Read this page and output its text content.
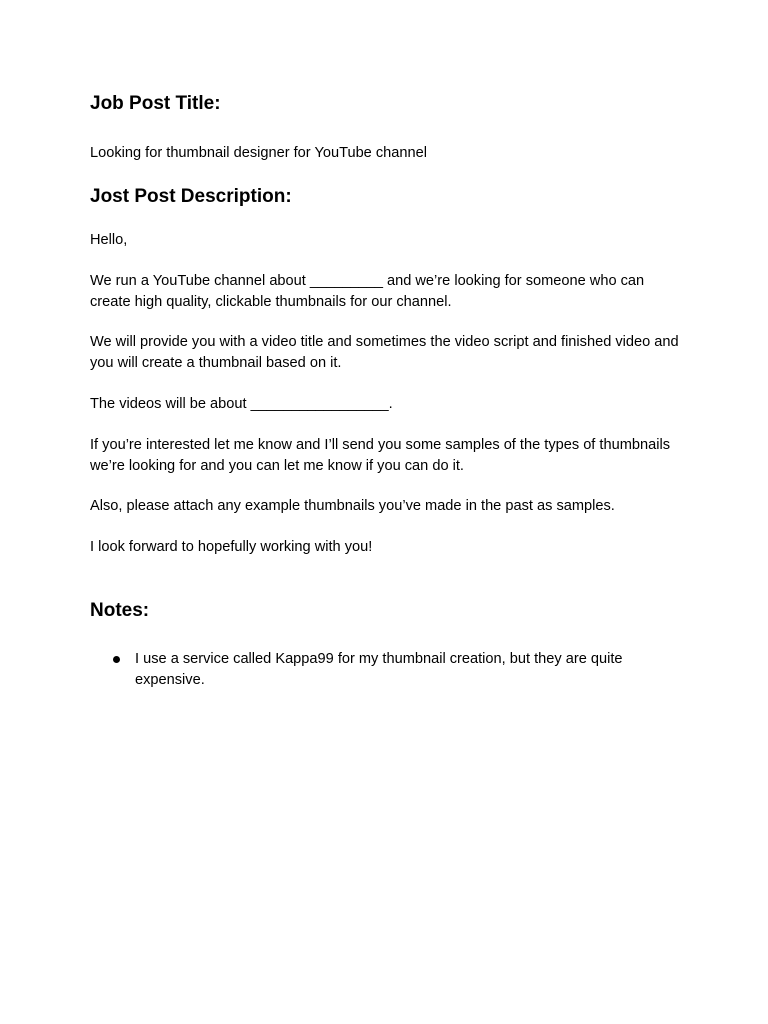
Job Post Title:

Looking for thumbnail designer for YouTube channel

Jost Post Description:

Hello,

We run a YouTube channel about _________ and we’re looking for someone who can create high quality, clickable thumbnails for our channel.

We will provide you with a video title and sometimes the video script and finished video and you will create a thumbnail based on it.

The videos will be about _________________.

If you’re interested let me know and I’ll send you some samples of the types of thumbnails we’re looking for and you can let me know if you can do it.

Also, please attach any example thumbnails you’ve made in the past as samples.

I look forward to hopefully working with you!

Notes:
I use a service called Kappa99 for my thumbnail creation, but they are quite expensive.
